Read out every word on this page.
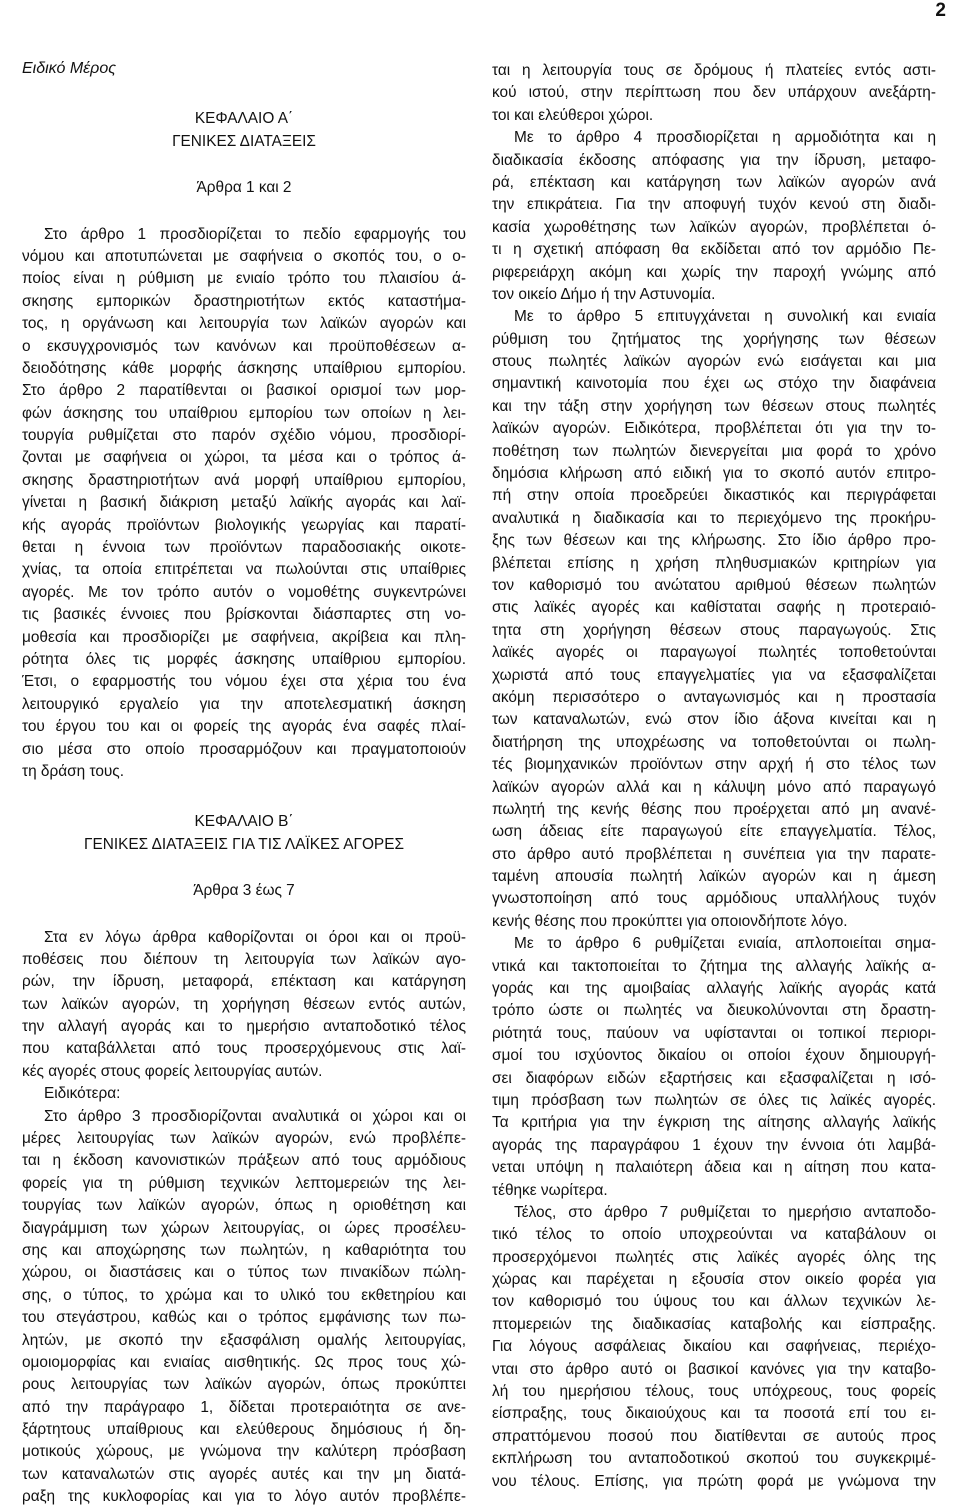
2
Ειδικό Μέρος
ΚΕΦΑΛΑΙΟ Α΄
ΓΕΝΙΚΕΣ ΔΙΑΤΑΞΕΙΣ
Άρθρα 1 και 2
Στο άρθρο 1 προσδιορίζεται το πεδίο εφαρμογής του
νόμου και αποτυπώνεται με σαφήνεια ο σκοπός του, ο ο-
ποίος είναι η ρύθμιση με ενιαίο τρόπο του πλαισίου ά-
σκησης εμπορικών δραστηριοτήτων εκτός καταστήμα-
τος, η οργάνωση και λειτουργία των λαϊκών αγορών και
ο εκσυγχρονισμός των κανόνων και προϋποθέσεων α-
δειοδότησης κάθε μορφής άσκησης υπαίθριου εμπορίου.
Στο άρθρο 2 παρατίθενται οι βασικοί ορισμοί των μορ-
φών άσκησης του υπαίθριου εμπορίου των οποίων η λει-
τουργία ρυθμίζεται στο παρόν σχέδιο νόμου, προσδιορί-
ζονται με σαφήνεια οι χώροι, τα μέσα και ο τρόπος ά-
σκησης δραστηριοτήτων ανά μορφή υπαίθριου εμπορίου,
γίνεται η βασική διάκριση μεταξύ λαϊκής αγοράς και λαϊ-
κής αγοράς προϊόντων βιολογικής γεωργίας και παρατί-
θεται η έννοια των προϊόντων παραδοσιακής οικοτε-
χνίας, τα οποία επιτρέπεται να πωλούνται στις υπαίθριες
αγορές. Με τον τρόπο αυτόν ο νομοθέτης συγκεντρώνει
τις βασικές έννοιες που βρίσκονται διάσπαρτες στη νο-
μοθεσία και προσδιορίζει με σαφήνεια, ακρίβεια και πλη-
ρότητα όλες τις μορφές άσκησης υπαίθριου εμπορίου.
Έτσι, ο εφαρμοστής του νόμου έχει στα χέρια του ένα
λειτουργικό εργαλείο για την αποτελεσματική άσκηση
του έργου του και οι φορείς της αγοράς ένα σαφές πλαί-
σιο μέσα στο οποίο προσαρμόζουν και πραγματοποιούν
τη δράση τους.
ΚΕΦΑΛΑΙΟ Β΄
ΓΕΝΙΚΕΣ ΔΙΑΤΑΞΕΙΣ ΓΙΑ ΤΙΣ ΛΑΪΚΕΣ ΑΓΟΡΕΣ
Άρθρα 3 έως 7
Στα εν λόγω άρθρα καθορίζονται οι όροι και οι προϋ-
ποθέσεις που διέπουν τη λειτουργία των λαϊκών αγο-
ρών, την ίδρυση, μεταφορά, επέκταση και κατάργηση
των λαϊκών αγορών, τη χορήγηση θέσεων εντός αυτών,
την αλλαγή αγοράς και το ημερήσιο ανταποδοτικό τέλος
που καταβάλλεται από τους προσερχόμενους στις λαϊ-
κές αγορές στους φορείς λειτουργίας αυτών.
Ειδικότερα:
Στο άρθρο 3 προσδιορίζονται αναλυτικά οι χώροι και οι
μέρες λειτουργίας των λαϊκών αγορών, ενώ προβλέπε-
ται η έκδοση κανονιστικών πράξεων από τους αρμόδιους
φορείς για τη ρύθμιση τεχνικών λεπτομερειών της λει-
τουργίας των λαϊκών αγορών, όπως η οριοθέτηση και
διαγράμμιση των χώρων λειτουργίας, οι ώρες προσέλευ-
σης και αποχώρησης των πωλητών, η καθαριότητα του
χώρου, οι διαστάσεις και ο τύπος των πινακίδων πώλη-
σης, ο τύπος, το χρώμα και το υλικό του εκθετηρίου και
του στεγάστρου, καθώς και ο τρόπος εμφάνισης των πω-
λητών, με σκοπό την εξασφάλιση ομαλής λειτουργίας,
ομοιομορφίας και ενιαίας αισθητικής. Ως προς τους χώ-
ρους λειτουργίας των λαϊκών αγορών, όπως προκύπτει
από την παράγραφο 1, δίδεται προτεραιότητα σε ανε-
ξάρτητους υπαίθριους και ελεύθερους δημόσιους ή δη-
μοτικούς χώρους, με γνώμονα την καλύτερη πρόσβαση
των καταναλωτών στις αγορές αυτές και την μη διατά-
ραξη της κυκλοφορίας και για το λόγο αυτόν προβλέπε-
ται η λειτουργία τους σε δρόμους ή πλατείες εντός αστι-
κού ιστού, στην περίπτωση που δεν υπάρχουν ανεξάρτη-
τοι και ελεύθεροι χώροι.
Με το άρθρο 4 προσδιορίζεται η αρμοδιότητα και η
διαδικασία έκδοσης απόφασης για την ίδρυση, μεταφο-
ρά, επέκταση και κατάργηση των λαϊκών αγορών ανά
την επικράτεια. Για την αποφυγή τυχόν κενού στη διαδι-
κασία χωροθέτησης των λαϊκών αγορών, προβλέπεται ό-
τι η σχετική απόφαση θα εκδίδεται από τον αρμόδιο Πε-
ριφερειάρχη ακόμη και χωρίς την παροχή γνώμης από
τον οικείο Δήμο ή την Αστυνομία.
Με το άρθρο 5 επιτυγχάνεται η συνολική και ενιαία
ρύθμιση του ζητήματος της χορήγησης των θέσεων
στους πωλητές λαϊκών αγορών ενώ εισάγεται και μια
σημαντική καινοτομία που έχει ως στόχο την διαφάνεια
και την τάξη στην χορήγηση των θέσεων στους πωλητές
λαϊκών αγορών. Ειδικότερα, προβλέπεται ότι για την το-
ποθέτηση των πωλητών διενεργείται μια φορά το χρόνο
δημόσια κλήρωση από ειδική για το σκοπό αυτόν επιτρο-
πή στην οποία προεδρεύει δικαστικός και περιγράφεται
αναλυτικά η διαδικασία και το περιεχόμενο της προκήρυ-
ξης των θέσεων και της κλήρωσης. Στο ίδιο άρθρο προ-
βλέπεται επίσης η χρήση πληθυσμιακών κριτηρίων για
τον καθορισμό του ανώτατου αριθμού θέσεων πωλητών
στις λαϊκές αγορές και καθίσταται σαφής η προτεραιό-
τητα στη χορήγηση θέσεων στους παραγωγούς. Στις
λαϊκές αγορές οι παραγωγοί πωλητές τοποθετούνται
χωριστά από τους επαγγελματίες για να εξασφαλίζεται
ακόμη περισσότερο ο ανταγωνισμός και η προστασία
των καταναλωτών, ενώ στον ίδιο άξονα κινείται και η
διατήρηση της υποχρέωσης να τοποθετούνται οι πωλη-
τές βιομηχανικών προϊόντων στην αρχή ή στο τέλος των
λαϊκών αγορών αλλά και η κάλυψη μόνο από παραγωγό
πωλητή της κενής θέσης που προέρχεται από μη ανανέ-
ωση άδειας είτε παραγωγού είτε επαγγελματία. Τέλος,
στο άρθρο αυτό προβλέπεται η συνέπεια για την παρατε-
ταμένη απουσία πωλητή λαϊκών αγορών και η άμεση
γνωστοποίηση από τους αρμόδιους υπαλλήλους τυχόν
κενής θέσης που προκύπτει για οποιονδήποτε λόγο.
Με το άρθρο 6 ρυθμίζεται ενιαία, απλοποιείται σημα-
ντικά και τακτοποιείται το ζήτημα της αλλαγής λαϊκής α-
γοράς και της αμοιβαίας αλλαγής λαϊκής αγοράς κατά
τρόπο ώστε οι πωλητές να διευκολύνονται στη δραστη-
ριότητά τους, παύουν να υφίστανται οι τοπικοί περιορι-
σμοί του ισχύοντος δικαίου οι οποίοι έχουν δημιουργή-
σει διαφόρων ειδών εξαρτήσεις και εξασφαλίζεται η ισό-
τιμη πρόσβαση των πωλητών σε όλες τις λαϊκές αγορές.
Τα κριτήρια για την έγκριση της αίτησης αλλαγής λαϊκής
αγοράς της παραγράφου 1 έχουν την έννοια ότι λαμβά-
νεται υπόψη η παλαιότερη άδεια και η αίτηση που κατα-
τέθηκε νωρίτερα.
Τέλος, στο άρθρο 7 ρυθμίζεται το ημερήσιο ανταποδο-
τικό τέλος το οποίο υποχρεούνται να καταβάλουν οι
προσερχόμενοι πωλητές στις λαϊκές αγορές όλης της
χώρας και παρέχεται η εξουσία στον οικείο φορέα για
τον καθορισμό του ύψους του και άλλων τεχνικών λε-
πτομερειών της διαδικασίας καταβολής και είσπραξης.
Για λόγους ασφάλειας δικαίου και σαφήνειας, περιέχο-
νται στο άρθρο αυτό οι βασικοί κανόνες για την καταβο-
λή του ημερήσιου τέλους, τους υπόχρεους, τους φορείς
είσπραξης, τους δικαιούχους και τα ποσοτά επί του ει-
σπραττόμενου ποσού που διατίθενται σε αυτούς προς
εκπλήρωση του ανταποδοτικού σκοπού του συγκεκριμέ-
νου τέλους. Επίσης, για πρώτη φορά με γνώμονα την
